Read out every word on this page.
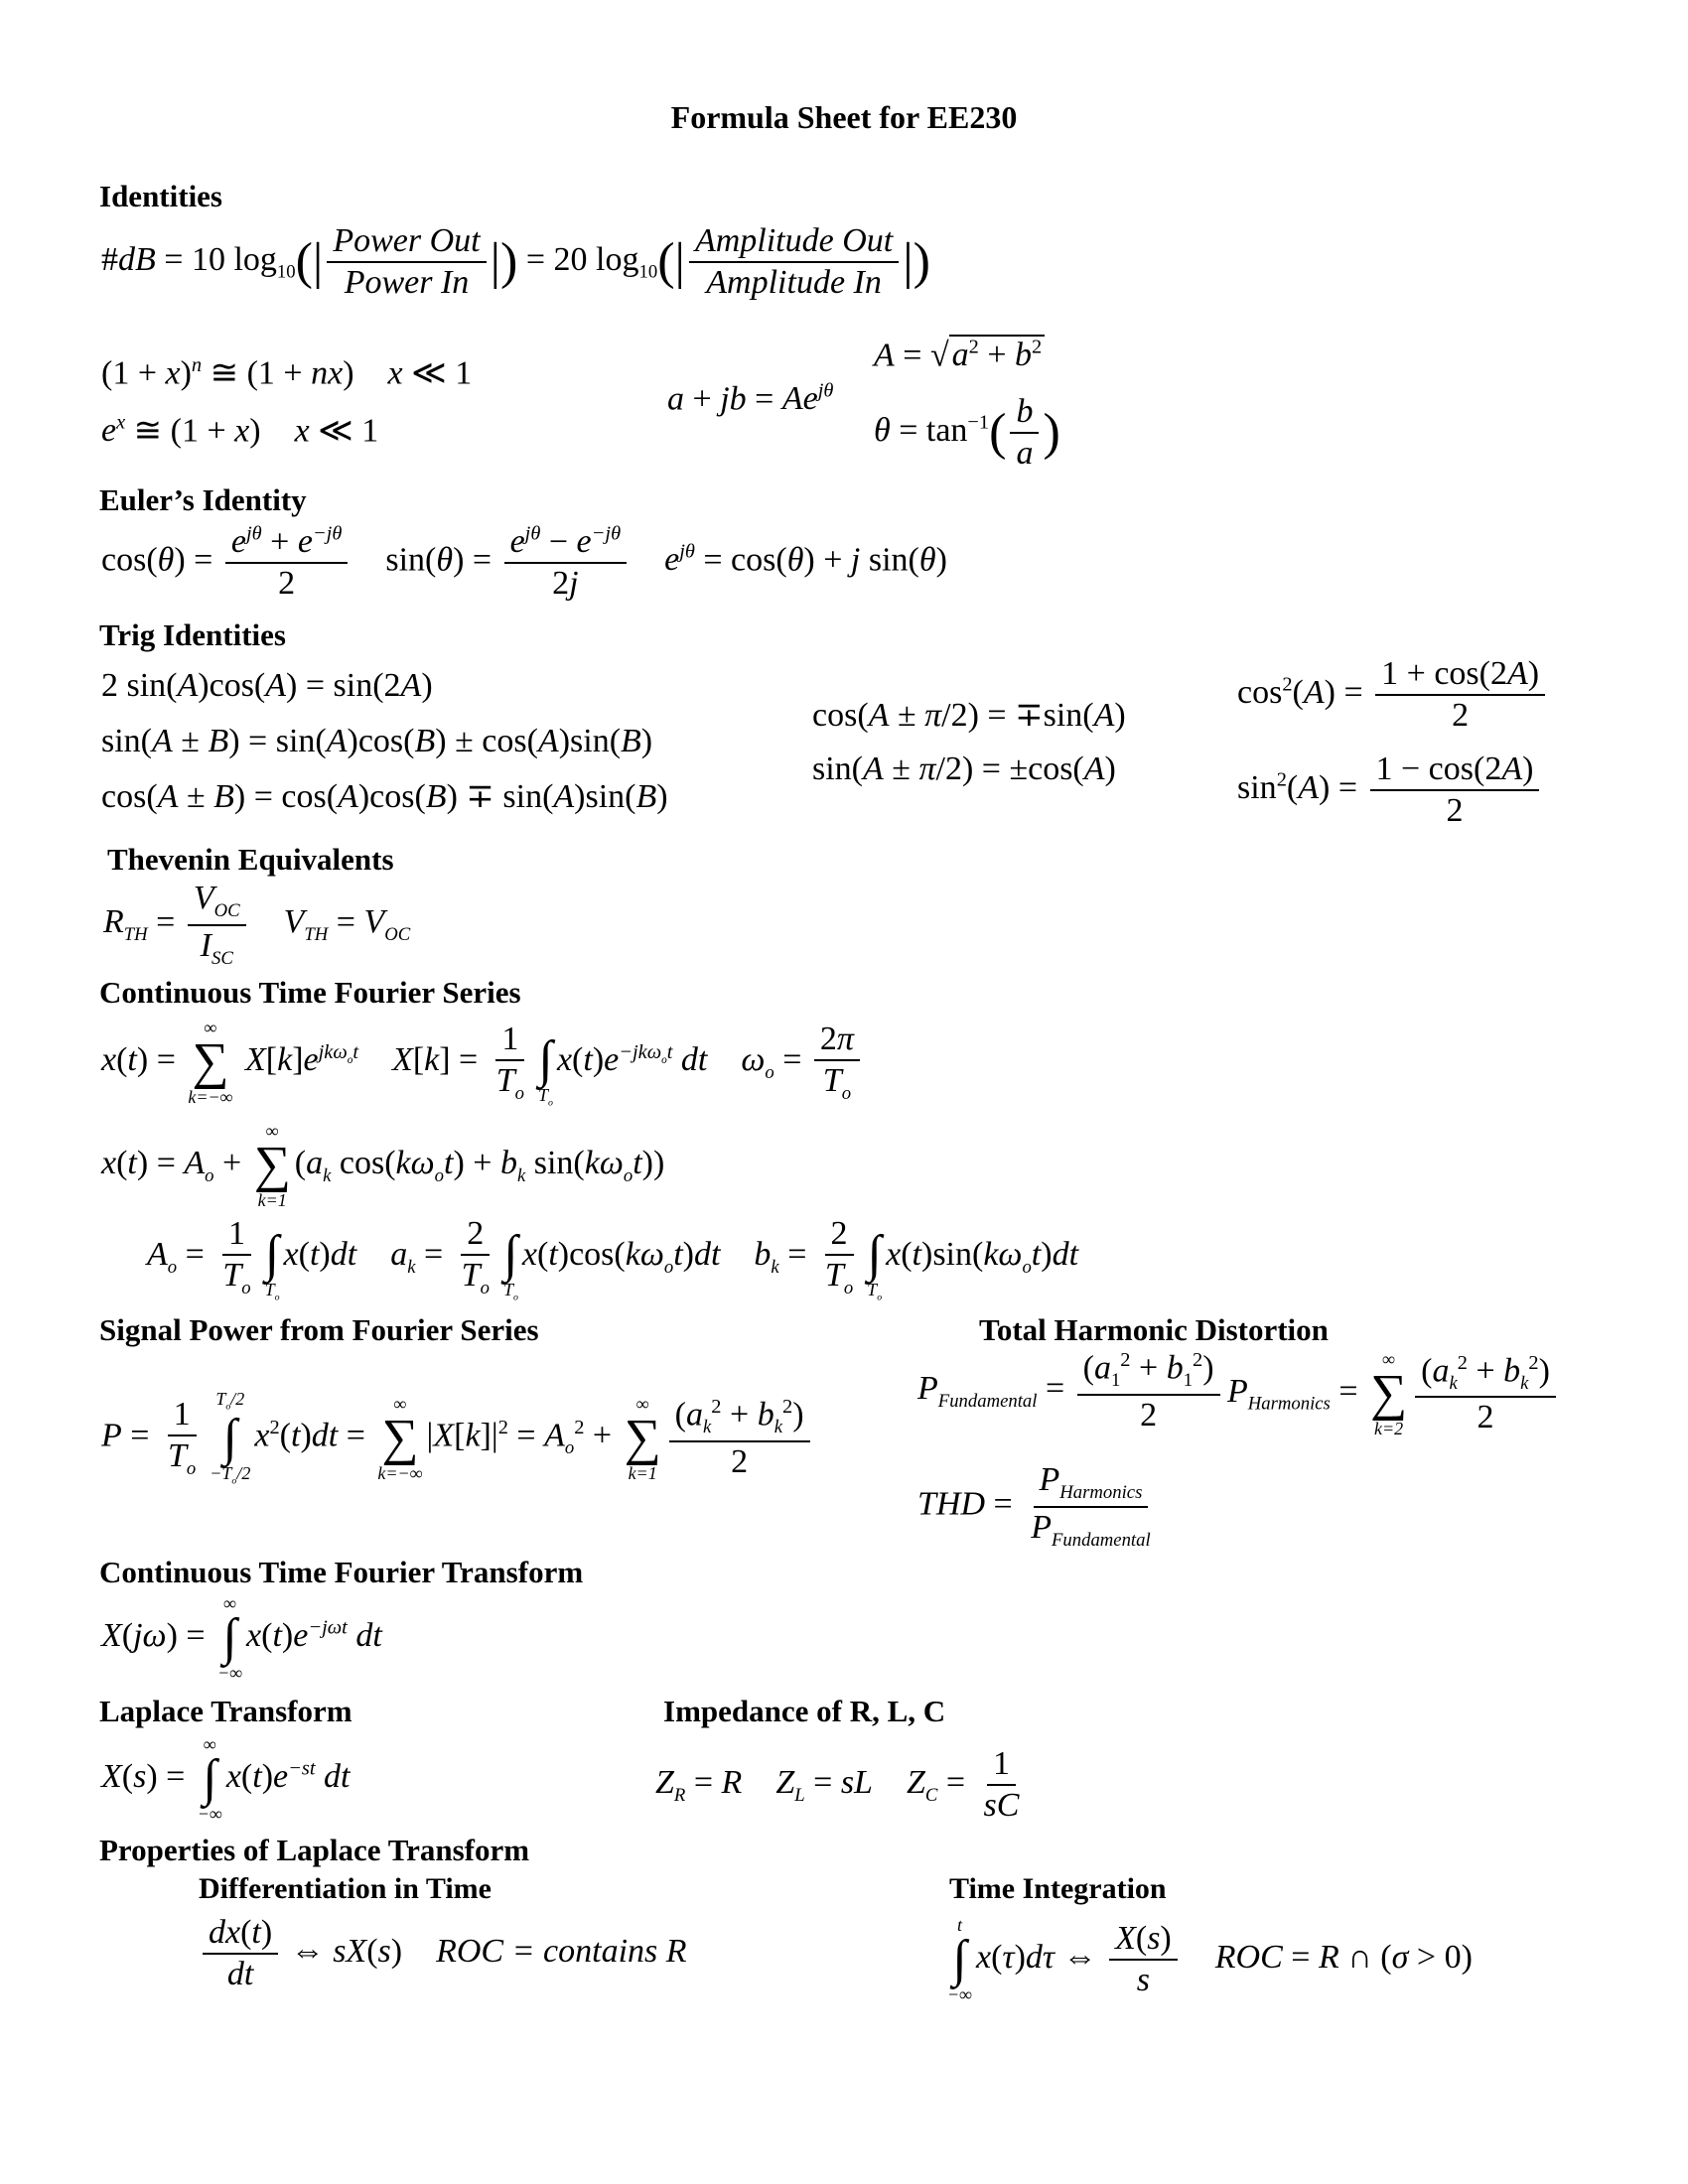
Formula Sheet for EE230
Identities
#dB = 10 $\log_{10}(| \frac{\text{Power Out}}{\text{Power In}}$ |) = 20 $\log_{10}(| \frac{\text{Amplitude Out}}{\text{Amplitude In}}$ |)
$(1 + x)^n$ ≅ (1 + nx)    x ≪ 1
$e^x$ ≅ (1 + x)    x ≪ 1
a + jb = $Ae^{j\theta}$
$A = √a^2 + b^2$
$\theta = \tan^{-1}( \frac{b}{a}$ )
Euler’s Identity
$\cos(\theta) = \frac{e^{j\theta} + e^{-j\theta}}{2} \sin(\theta) = \frac{e^{j\theta} - e^{-j\theta}}{2j} e^{j\theta} = \cos(\theta) + j$ sin(θ)
Trig Identities
2 sin(A)cos(A) = sin(2A)
sin(A ± B) = sin(A)cos(B) ± cos(A)sin(B)
cos(A ± B) = cos(A)cos(B) ∓ sin(A)sin(B)
cos(A ± π/2) = ∓sin(A)
sin(A ± π/2) = ±cos(A)
$\cos^2(A) = \frac{1 + \cos(2A)}{2}$
$\sin^2(A) = \frac{1 - \cos(2A)}{2}$
Thevenin Equivalents
$R_{TH} = \frac{V_{OC}}{I_{SC}} V_{TH} = V_{OC}$
Continuous Time Fourier Series
x(t) =
∞
∑
k=−∞
$X[k]e^{jk\omega_ot}$ $X[k] = \frac{1}{T_o}$
∫
$T_o$
$x(t)e^{-jk\omega_ot}$ dt $\omega_o = \frac{2\pi}{T_o}$
$x(t) = A_o$ +
∞
∑
k=1
($a_k$ $\cos(k\omega_ot) + b_k$ $\sin(k\omega_ot)$)
$A_o = \frac{1}{T_o}$
∫
$T_o$
x(t)dt $a_k = \frac{2}{T_o}$
∫
$T_o$
$x(t)\cos(k\omega_ot)dt$ $b_k = \frac{2}{T_o}$
∫
$T_o$
$x(t)\sin(k\omega_ot)dt$
Signal Power from Fourier Series
$P = \frac{1}{T_o} T_o/2$
∫
$-T_o/2$
$x^2(t)dt$ =
∞
∑
k=−∞
$|X[k]|^2 = A_o^2$ +
∞
∑
$k=1 \frac{(a_k^2 + b_k^2)}{2}$
Total Harmonic Distortion
$P_{Fundamental} = \frac{(a_1^2 + b_1^2)}{2} P_{Harmonics}$ =
∞
∑
$k=2 \frac{(a_k^2 + b_k^2)}{2}$
THD = $\frac{P_{Harmonics}}{P_{Fundamental}}$
Continuous Time Fourier Transform
X(jω) =
∞
∫
−∞
$x(t)e^{-j\omega t}$ dt
Laplace Transform
X(s) =
∞
∫
−∞
$x(t)e^{-st}$ dt
Impedance of R, L, C
$Z_R = R$ $Z_L$ = sL $Z_C = \frac{1}{sC}$
Properties of Laplace Transform
Differentiation in Time
$\frac{dx(t)}{dt}$ ⇔ sX(s)    ROC = contains R
Time Integration
t
∫
−∞
x(τ)dτ ⇔ $\frac{X(s)}{s}$ ROC = R ∩ (σ > 0)
